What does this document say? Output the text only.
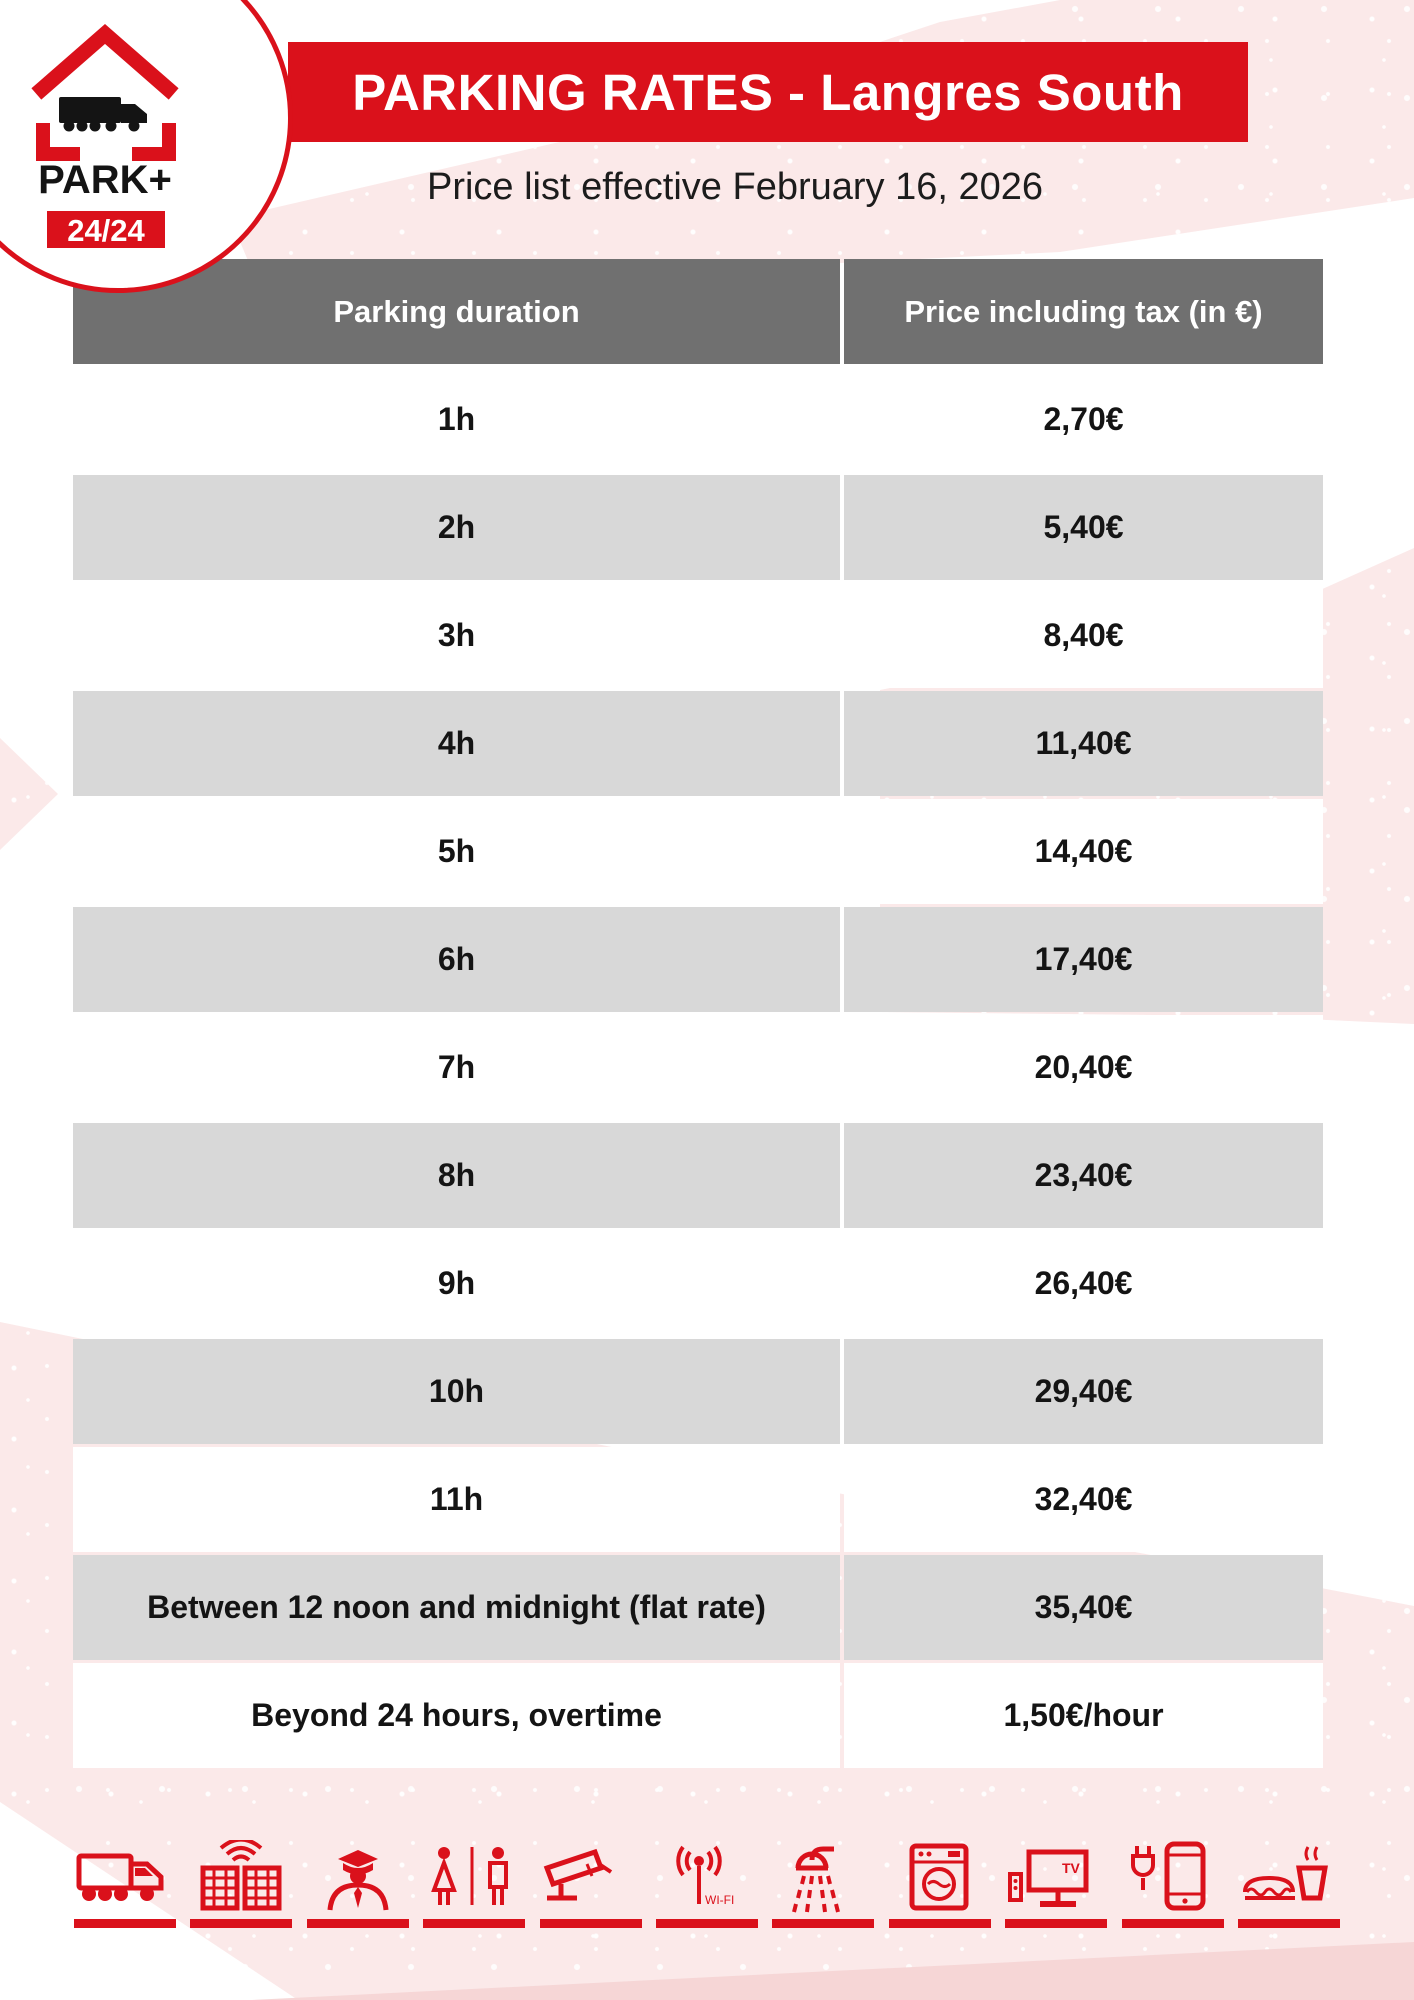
PARKING RATES - Langres South
Price list effective February 16, 2026
PARK+
24/24
Parking duration	Price including tax (in €)
1h	2,70€
2h	5,40€
3h	8,40€
4h	11,40€
5h	14,40€
6h	17,40€
7h	20,40€
8h	23,40€
9h	26,40€
10h	29,40€
11h	32,40€
Between 12 noon and midnight (flat rate)	35,40€
Beyond 24 hours, overtime	1,50€/hour
WI-FI
TV
